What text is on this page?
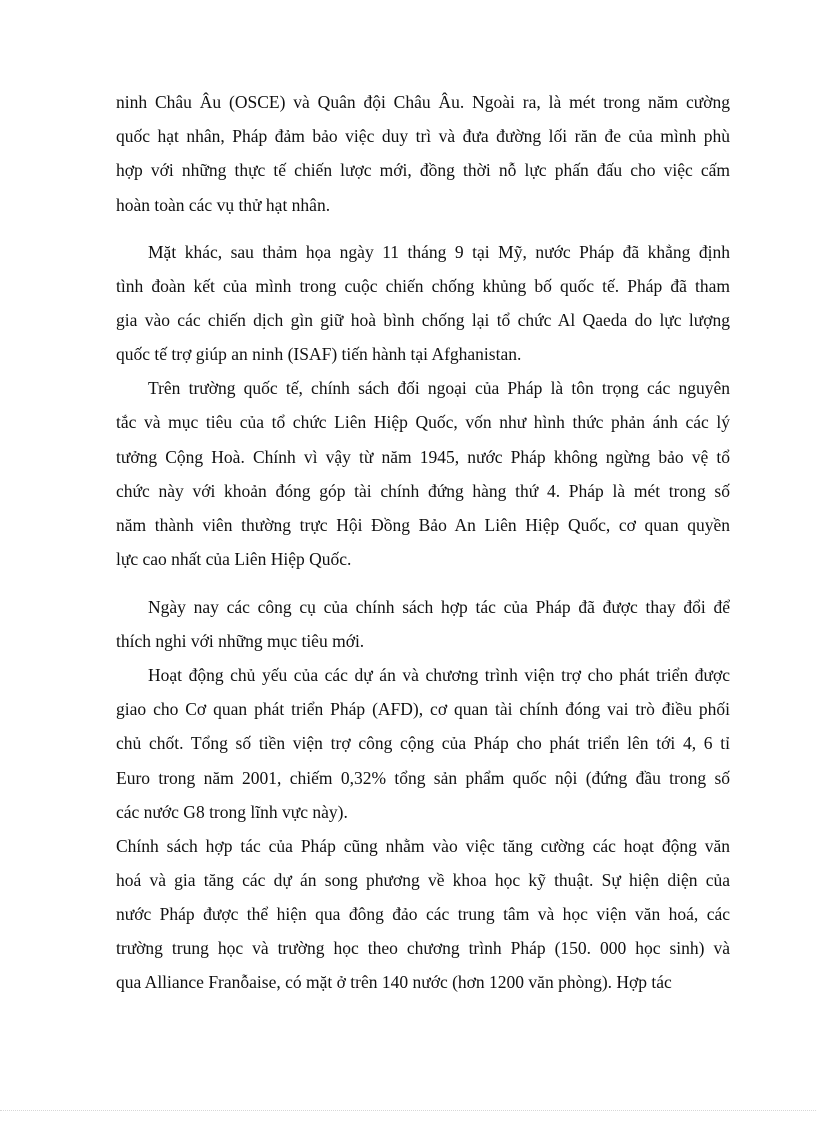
ninh Châu Âu (OSCE) và Quân đội Châu Âu. Ngoài ra, là mét trong năm cường
quốc hạt nhân, Pháp đảm bảo việc duy trì và đưa đường lối răn đe của mình phù
hợp với những thực tế chiến lược mới, đồng thời nỗ lực phấn đấu cho việc cấm
hoàn toàn các vụ thử hạt nhân.
Mặt khác, sau thảm họa ngày 11 tháng 9 tại Mỹ, nước Pháp đã khẳng định
tình đoàn kết của mình trong cuộc chiến chống khủng bố quốc tế. Pháp đã tham
gia vào các chiến dịch gìn giữ hoà bình chống lại tổ chức Al Qaeda do lực lượng
quốc tế trợ giúp an ninh (ISAF) tiến hành tại Afghanistan.
Trên trường quốc tế, chính sách đối ngoại của Pháp là tôn trọng các nguyên
tắc và mục tiêu của tổ chức Liên Hiệp Quốc, vốn như hình thức phản ánh các lý
tưởng Cộng Hoà. Chính vì vậy từ năm 1945, nước Pháp không ngừng bảo vệ tổ
chức này với khoản đóng góp tài chính đứng hàng thứ 4. Pháp là mét trong số
năm thành viên thường trực Hội Đồng Bảo An Liên Hiệp Quốc, cơ quan quyền
lực cao nhất của Liên Hiệp Quốc.
Ngày nay các công cụ của chính sách hợp tác của Pháp đã được thay đổi để
thích nghi với những mục tiêu mới.
Hoạt động chủ yếu của các dự án và chương trình viện trợ cho phát triển được
giao cho Cơ quan phát triển Pháp (AFD), cơ quan tài chính đóng vai trò điều phối
chủ chốt. Tổng số tiền viện trợ công cộng của Pháp cho phát triển lên tới 4, 6 tỉ
Euro trong năm 2001, chiếm 0,32% tổng sản phẩm quốc nội (đứng đầu trong số
các nước G8 trong lĩnh vực này).
Chính sách hợp tác của Pháp cũng nhằm vào việc tăng cường các hoạt động văn
hoá và gia tăng các dự án song phương về khoa học kỹ thuật. Sự hiện diện của
nước Pháp được thể hiện qua đông đảo các trung tâm và học viện văn hoá, các
trường trung học và trường học theo chương trình Pháp (150. 000 học sinh) và
qua Alliance Franỗaise, có mặt ở trên 140 nước (hơn 1200 văn phòng). Hợp tác
